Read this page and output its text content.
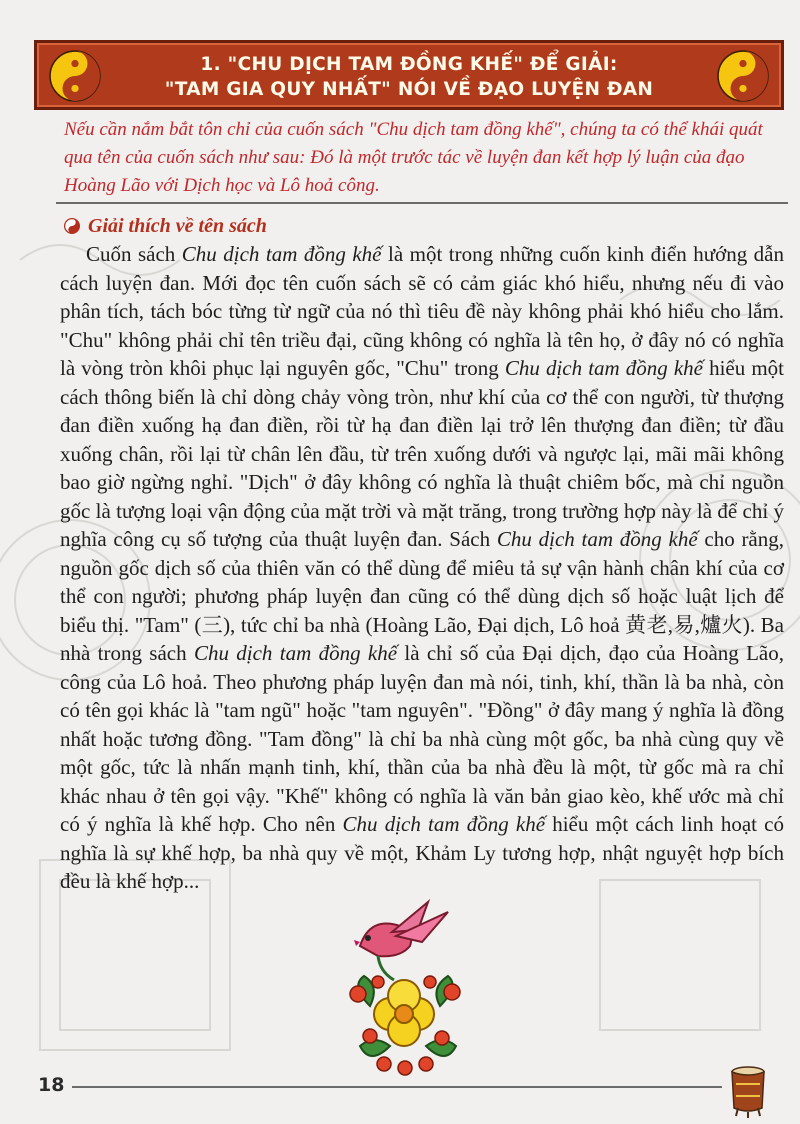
1. "CHU DỊCH TAM ĐỒNG KHẾ" ĐỂ GIẢI:
"TAM GIA QUY NHẤT" NÓI VỀ ĐẠO LUYỆN ĐAN
Nếu cần nắm bắt tôn chỉ của cuốn sách "Chu dịch tam đồng khế", chúng ta có thể khái quát qua tên của cuốn sách như sau: Đó là một trước tác về luyện đan kết hợp lý luận của đạo Hoàng Lão với Dịch học và Lô hoả công.
Giải thích về tên sách

Cuốn sách Chu dịch tam đồng khế là một trong những cuốn kinh điển hướng dẫn cách luyện đan. Mới đọc tên cuốn sách sẽ có cảm giác khó hiểu, nhưng nếu đi vào phân tích, tách bóc từng từ ngữ của nó thì tiêu đề này không phải khó hiểu cho lắm. "Chu" không phải chỉ tên triều đại, cũng không có nghĩa là tên họ, ở đây nó có nghĩa là vòng tròn khôi phục lại nguyên gốc, "Chu" trong Chu dịch tam đồng khế hiểu một cách thông biến là chỉ dòng chảy vòng tròn, như khí của cơ thể con người, từ thượng đan điền xuống hạ đan điền, rồi từ hạ đan điền lại trở lên thượng đan điền; từ đầu xuống chân, rồi lại từ chân lên đầu, từ trên xuống dưới và ngược lại, mãi mãi không bao giờ ngừng nghỉ. "Dịch" ở đây không có nghĩa là thuật chiêm bốc, mà chỉ nguồn gốc là tượng loại vận động của mặt trời và mặt trăng, trong trường hợp này là để chỉ ý nghĩa công cụ số tượng của thuật luyện đan. Sách Chu dịch tam đồng khế cho rằng, nguồn gốc dịch số của thiên văn có thể dùng để miêu tả sự vận hành chân khí của cơ thể con người; phương pháp luyện đan cũng có thể dùng dịch số hoặc luật lịch để biểu thị. "Tam" (三), tức chỉ ba nhà (Hoàng Lão, Đại dịch, Lô hoả 黄老,易,爐火). Ba nhà trong sách Chu dịch tam đồng khế là chỉ số của Đại dịch, đạo của Hoàng Lão, công của Lô hoả. Theo phương pháp luyện đan mà nói, tinh, khí, thần là ba nhà, còn có tên gọi khác là "tam ngũ" hoặc "tam nguyên". "Đồng" ở đây mang ý nghĩa là đồng nhất hoặc tương đồng. "Tam đồng" là chỉ ba nhà cùng một gốc, ba nhà cùng quy về một gốc, tức là nhấn mạnh tinh, khí, thần của ba nhà đều là một, từ gốc mà ra chỉ khác nhau ở tên gọi vậy. "Khế" không có nghĩa là văn bản giao kèo, khế ước mà chỉ có ý nghĩa là khế hợp. Cho nên Chu dịch tam đồng khế hiểu một cách linh hoạt có nghĩa là sự khế hợp, ba nhà quy về một, Khảm Ly tương hợp, nhật nguyệt hợp bích đều là khế hợp...

18
